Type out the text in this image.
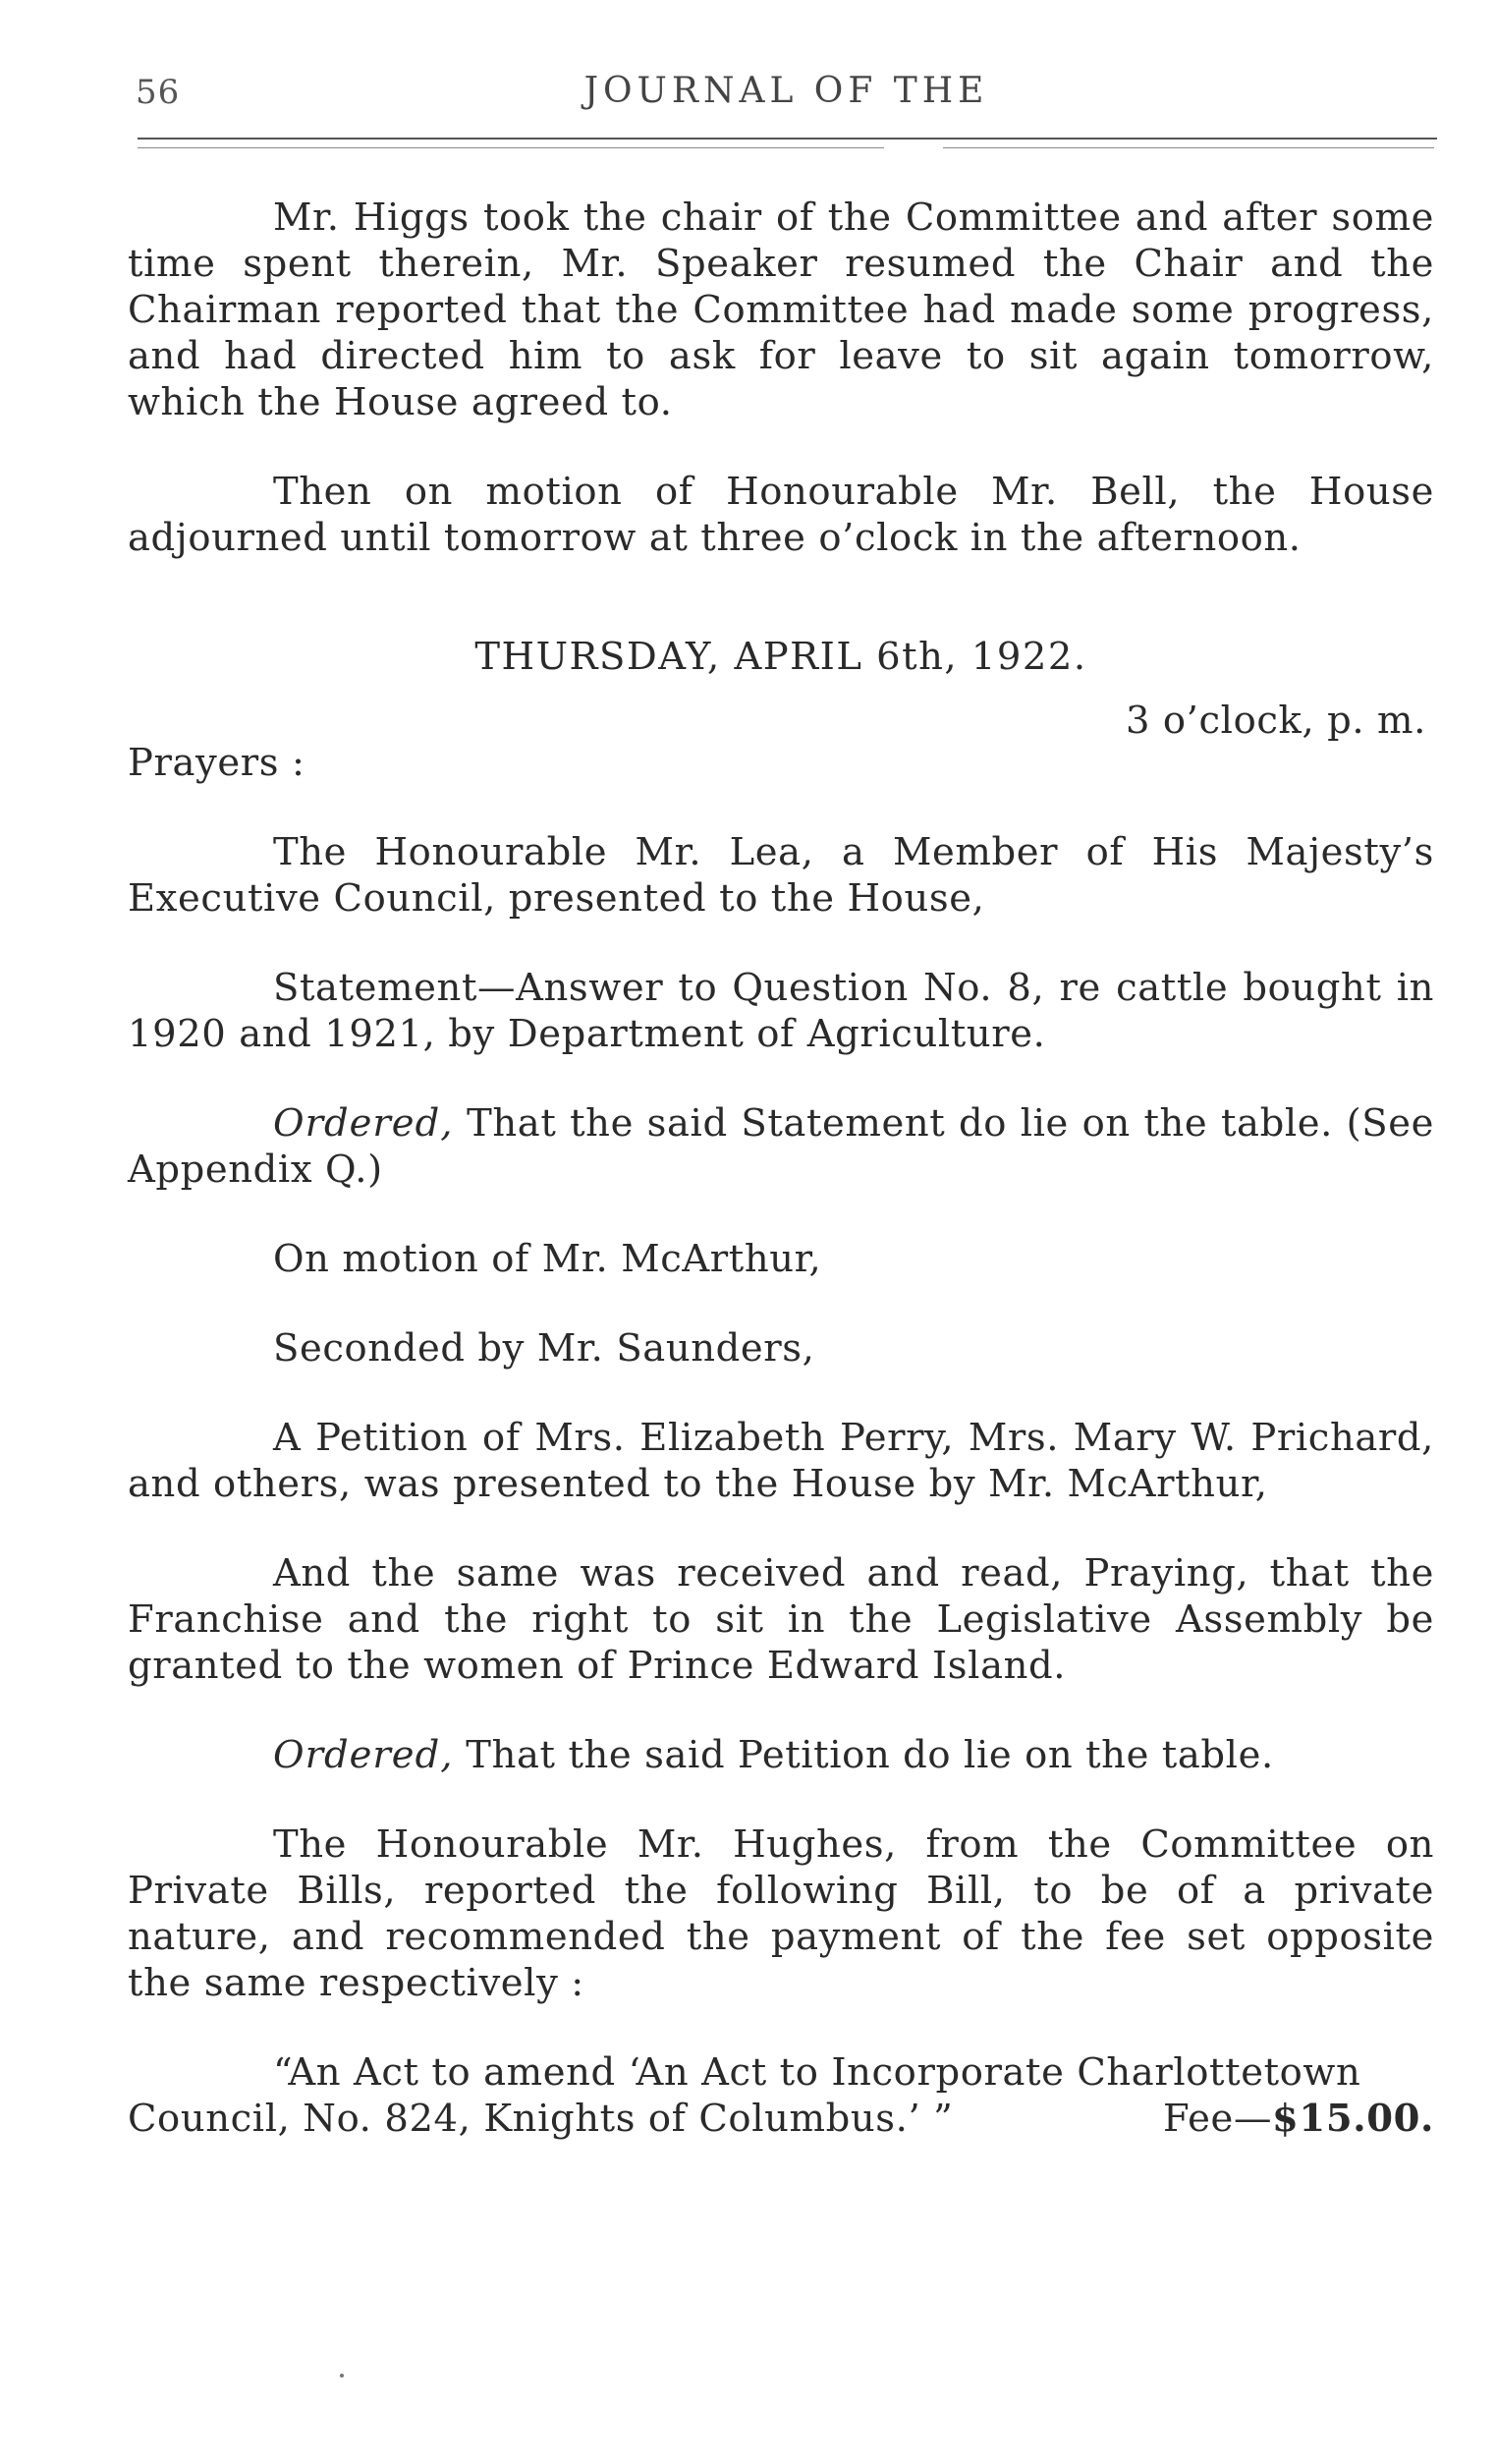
56	JOURNAL OF THE

Mr. Higgs took the chair of the Committee and after some time spent therein, Mr. Speaker resumed the Chair and the Chairman reported that the Committee had made some progress, and had directed him to ask for leave to sit again tomorrow, which the House agreed to.

Then on motion of Honourable Mr. Bell, the House adjourned until tomorrow at three o’clock in the afternoon.

THURSDAY, APRIL 6th, 1922.
3 o’clock, p. m.
Prayers :

The Honourable Mr. Lea, a Member of His Majesty’s Executive Council, presented to the House,

Statement—Answer to Question No. 8, re cattle bought in 1920 and 1921, by Department of Agriculture.

Ordered, That the said Statement do lie on the table. (See Appendix Q.)

On motion of Mr. McArthur,

Seconded by Mr. Saunders,

A Petition of Mrs. Elizabeth Perry, Mrs. Mary W. Prichard, and others, was presented to the House by Mr. McArthur,

And the same was received and read, Praying, that the Franchise and the right to sit in the Legislative Assembly be granted to the women of Prince Edward Island.

Ordered, That the said Petition do lie on the table.

The Honourable Mr. Hughes, from the Committee on Private Bills, reported the following Bill, to be of a private nature, and recommended the payment of the fee set opposite the same respectively :

“An Act to amend ‘An Act to Incorporate Charlottetown

Council, No. 824, Knights of Columbus.’ ”	Fee—$15.00.
